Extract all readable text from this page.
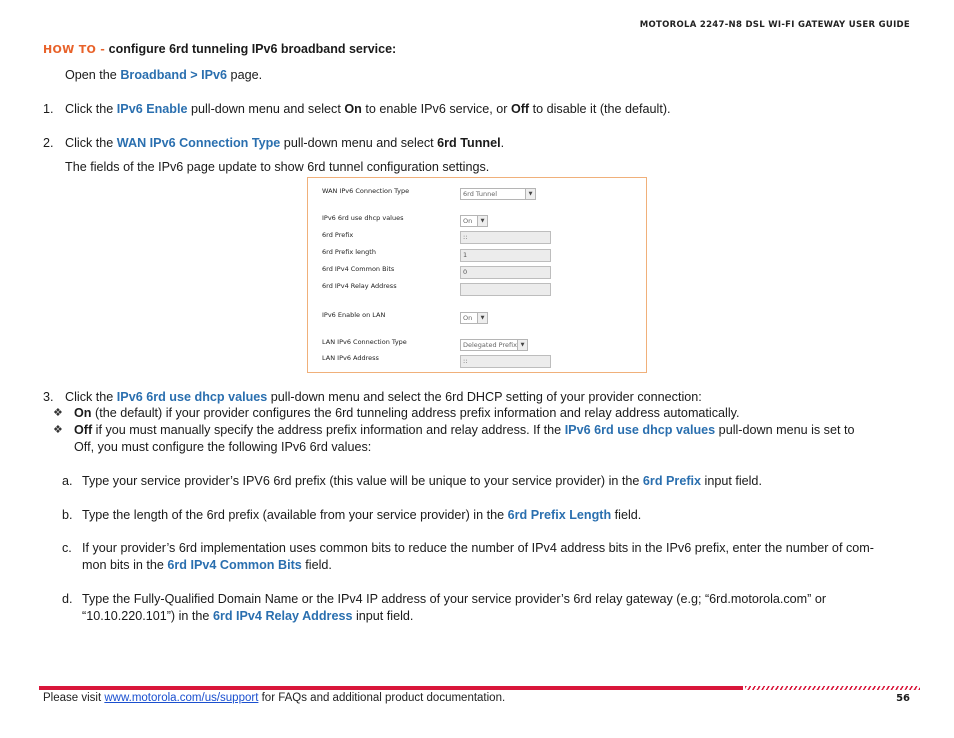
MOTOROLA 2247-N8 DSL WI-FI GATEWAY USER GUIDE
HOW TO - configure 6rd tunneling IPv6 broadband service:
Open the Broadband > IPv6 page.
1. Click the IPv6 Enable pull-down menu and select On to enable IPv6 service, or Off to disable it (the default).
2. Click the WAN IPv6 Connection Type pull-down menu and select 6rd Tunnel.
The fields of the IPv6 page update to show 6rd tunnel configuration settings.
WAN IPv6 Connection Type	6rd Tunnel	▼
IPv6 6rd use dhcp values	On	▼
6rd Prefix	::
6rd Prefix length	1
6rd IPv4 Common Bits	0
6rd IPv4 Relay Address
IPv6 Enable on LAN	On	▼
LAN IPv6 Connection Type	Delegated Prefix ▼
LAN IPv6 Address	::
3. Click the IPv6 6rd use dhcp values pull-down menu and select the 6rd DHCP setting of your provider connection:
❖ On (the default) if your provider configures the 6rd tunneling address prefix information and relay address automatically.
❖ Off if you must manually specify the address prefix information and relay address. If the IPv6 6rd use dhcp values pull-down menu is set to
Off, you must configure the following IPv6 6rd values:
a. Type your service provider’s IPV6 6rd prefix (this value will be unique to your service provider) in the 6rd Prefix input field.
b. Type the length of the 6rd prefix (available from your service provider) in the 6rd Prefix Length field.
c. If your provider’s 6rd implementation uses common bits to reduce the number of IPv4 address bits in the IPv6 prefix, enter the number of com-
mon bits in the 6rd IPv4 Common Bits field.
d. Type the Fully-Qualified Domain Name or the IPv4 IP address of your service provider’s 6rd relay gateway (e.g; “6rd.motorola.com” or
“10.10.220.101”) in the 6rd IPv4 Relay Address input field.
Please visit www.motorola.com/us/support for FAQs and additional product documentation.	56
